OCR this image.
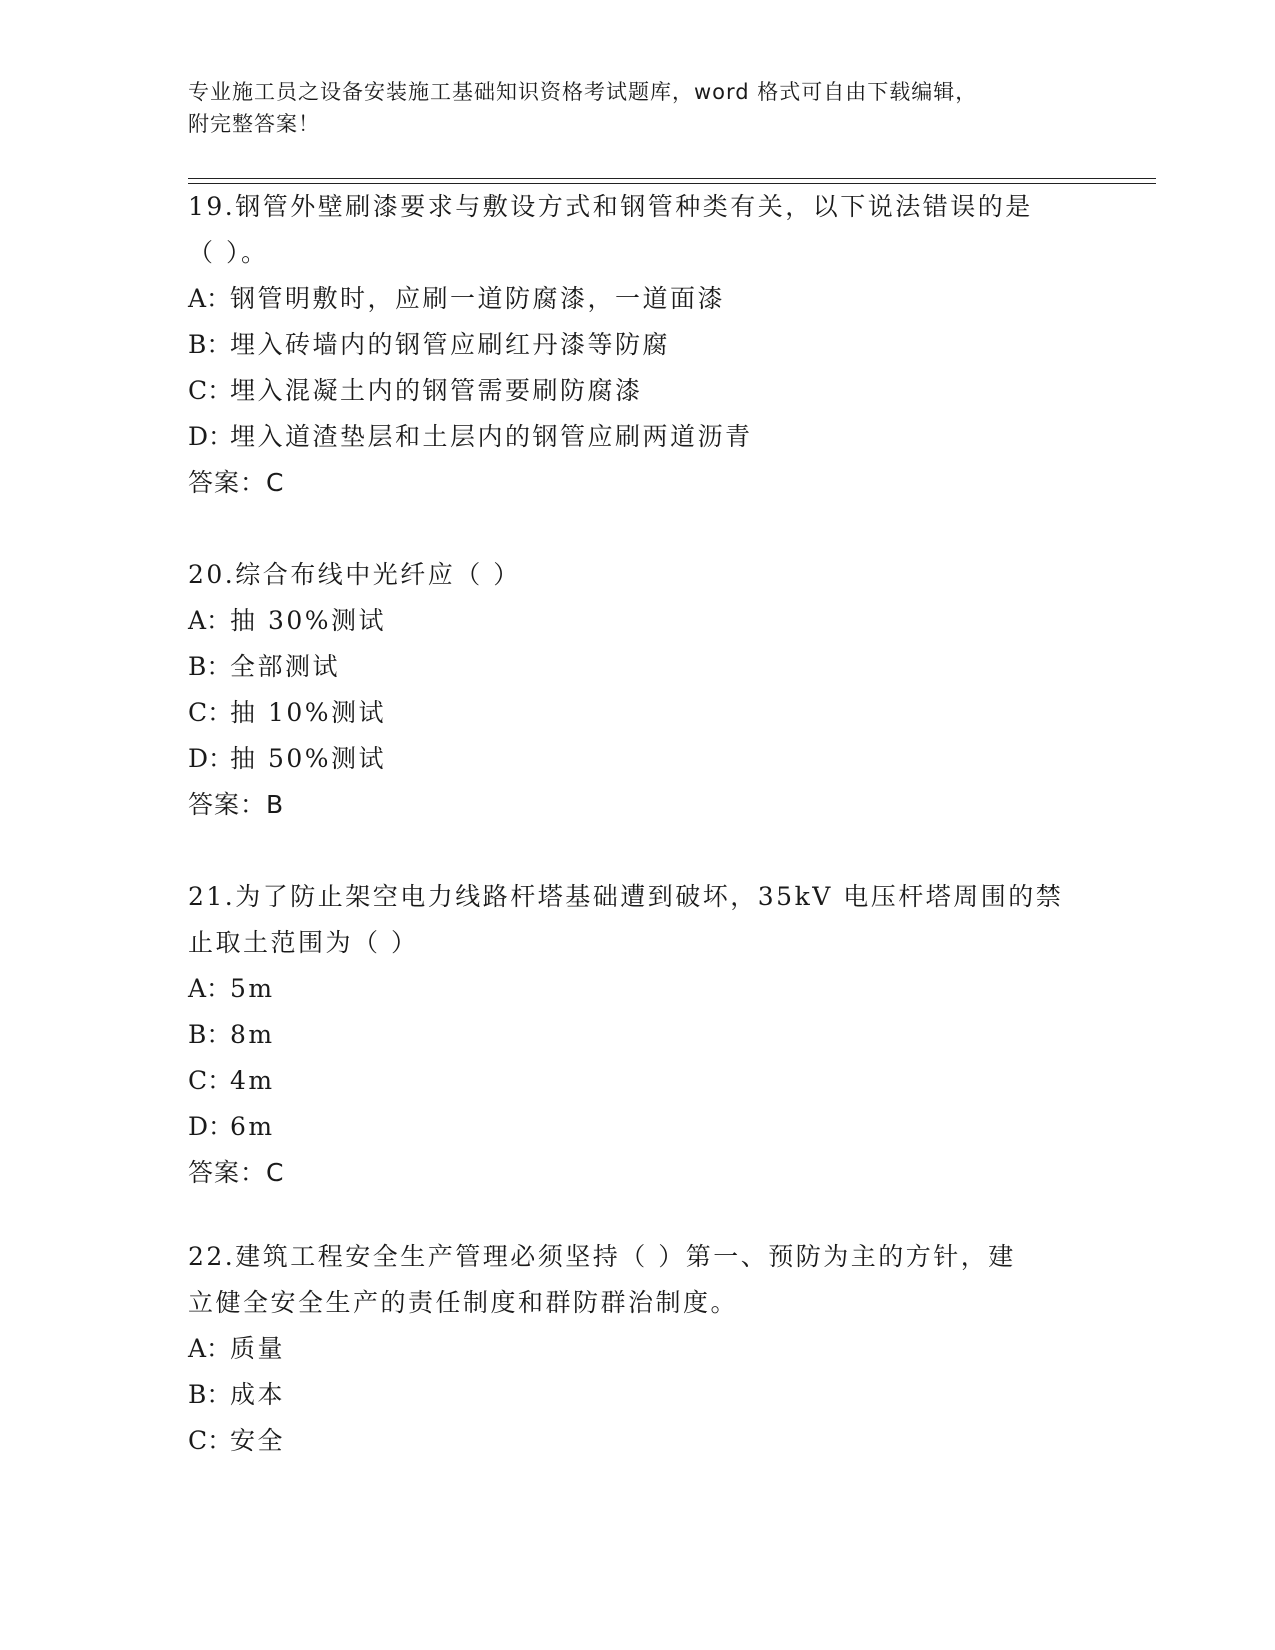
专业施工员之设备安装施工基础知识资格考试题库，word 格式可自由下载编辑，
附完整答案！
19.钢管外壁刷漆要求与敷设方式和钢管种类有关，以下说法错误的是
（ ）。
A：钢管明敷时，应刷一道防腐漆，一道面漆
B：埋入砖墙内的钢管应刷红丹漆等防腐
C：埋入混凝土内的钢管需要刷防腐漆
D：埋入道渣垫层和土层内的钢管应刷两道沥青
答案：C
20.综合布线中光纤应（ ）
A：抽 30%测试
B：全部测试
C：抽 10%测试
D：抽 50%测试
答案：B
21.为了防止架空电力线路杆塔基础遭到破坏，35kV 电压杆塔周围的禁
止取土范围为（ ）
A：5m
B：8m
C：4m
D：6m
答案：C
22.建筑工程安全生产管理必须坚持（ ）第一、预防为主的方针，建
立健全安全生产的责任制度和群防群治制度。
A：质量
B：成本
C：安全
